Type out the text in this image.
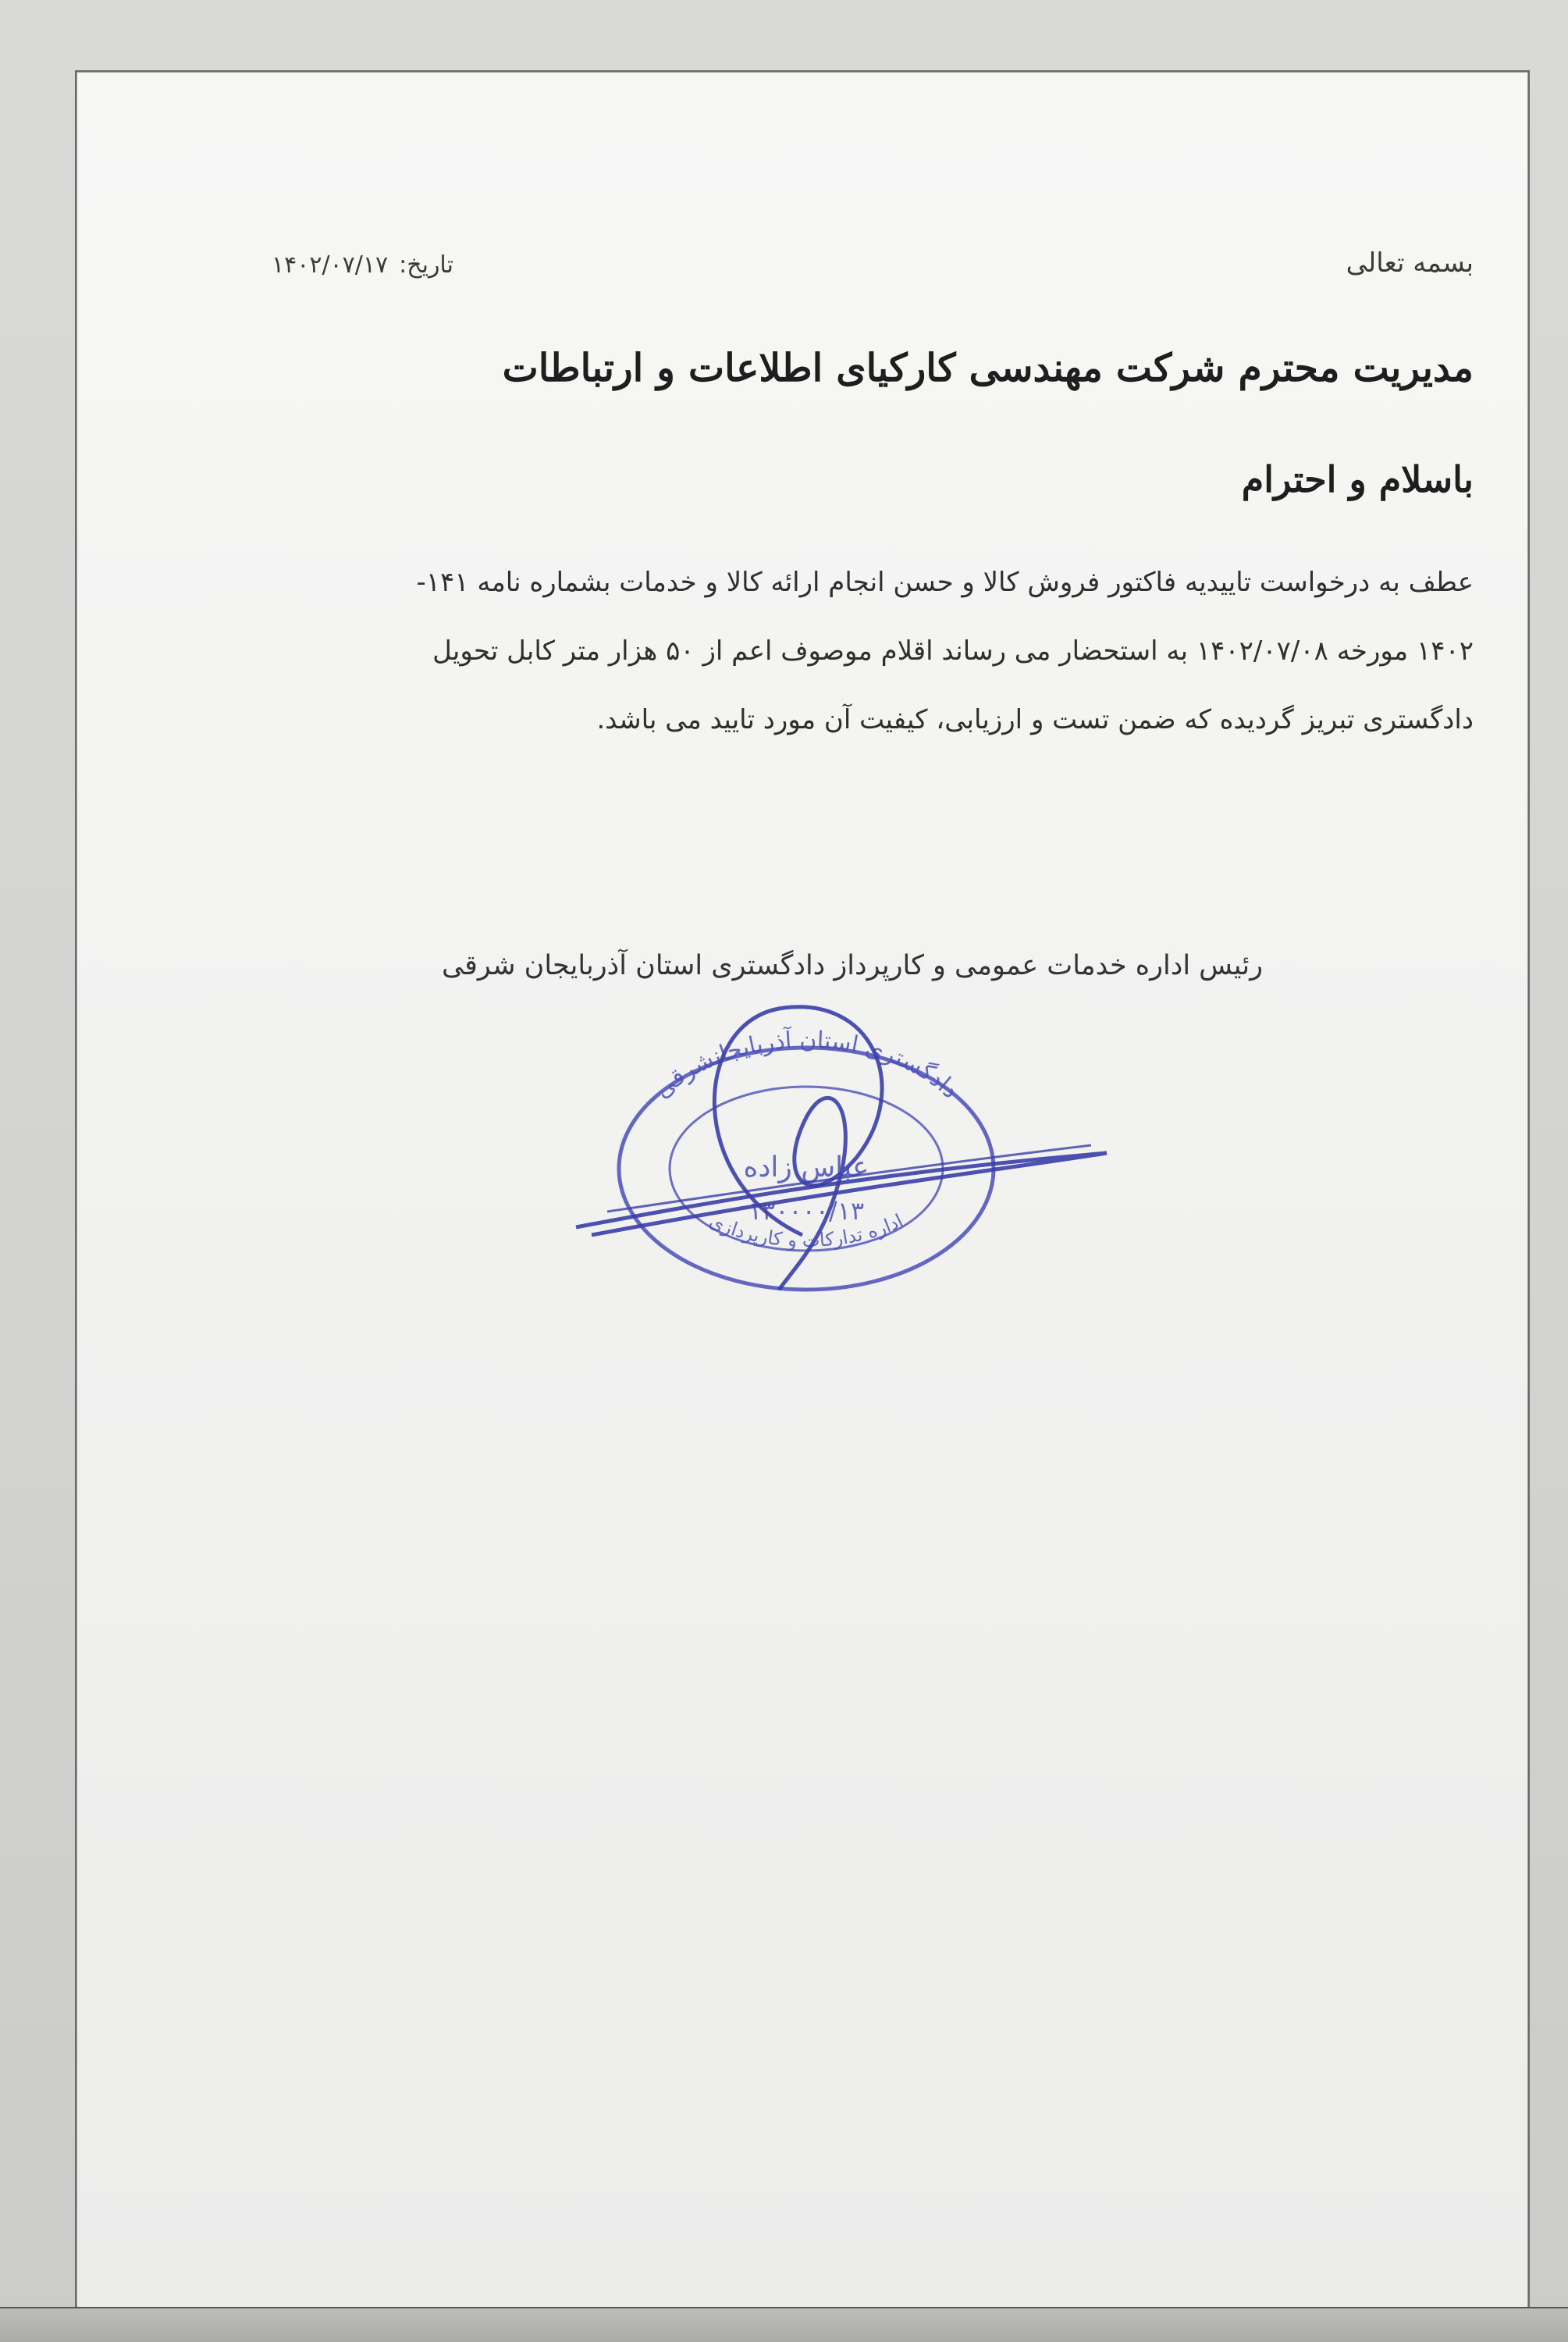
بسمه تعالی
تاریخ:۱۴۰۲/۰۷/۱۷
مدیریت محترم شرکت مهندسی کارکیای اطلاعات و ارتباطات
باسلام و احترام
عطف به درخواست تاییدیه فاکتور فروش کالا و حسن انجام ارائه کالا و خدمات بشماره نامه ۱۴۱-
۱۴۰۲ مورخه ۱۴۰۲/۰۷/۰۸ به استحضار می رساند اقلام موصوف اعم از ۵۰ هزار متر کابل تحویل
دادگستری تبریز گردیده که ضمن تست و ارزیابی، کیفیت آن مورد تایید می باشد.
رئیس اداره خدمات عمومی و کارپرداز دادگستری استان آذربایجان شرقی
دادگستری استان آذربایجانشرقی
عباس زاده
۱۳۰۰۰۰/۱۳
اداره تدارکات و کارپردازی
